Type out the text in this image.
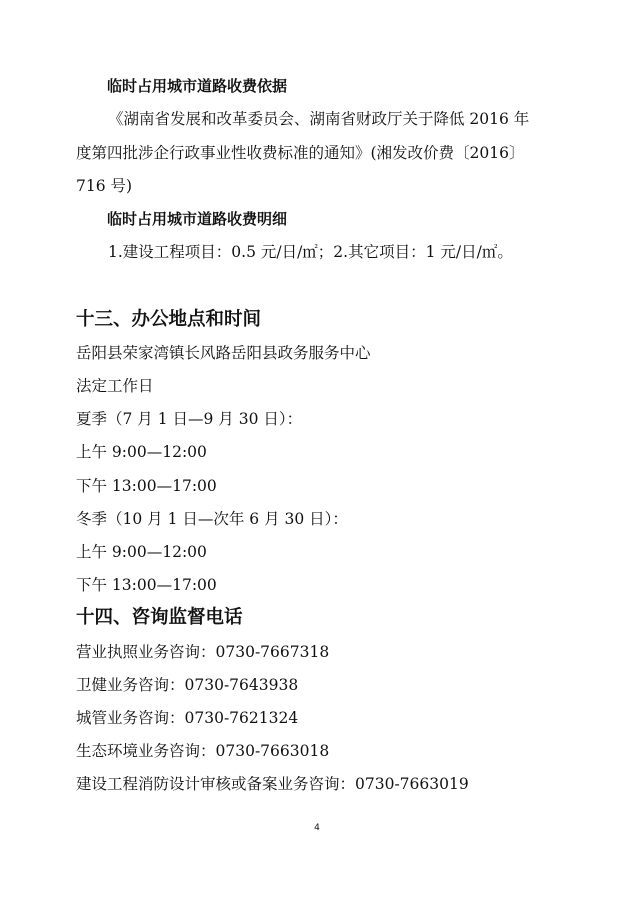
临时占用城市道路收费依据
《湖南省发展和改革委员会、湖南省财政厅关于降低 2016 年
度第四批涉企行政事业性收费标准的通知》(湘发改价费〔2016〕
716 号)
临时占用城市道路收费明细
1.建设工程项目：0.5 元/日/㎡；2.其它项目：1 元/日/㎡。
十三、办公地点和时间
岳阳县荣家湾镇长风路岳阳县政务服务中心
法定工作日
夏季（7 月 1 日—9 月 30 日）：
上午 9:00—12:00
下午 13:00—17:00
冬季（10 月 1 日—次年 6 月 30 日）：
上午 9:00—12:00
下午 13:00—17:00
十四、咨询监督电话
营业执照业务咨询：0730-7667318
卫健业务咨询：0730-7643938
城管业务咨询：0730-7621324
生态环境业务咨询：0730-7663018
建设工程消防设计审核或备案业务咨询：0730-7663019
4
